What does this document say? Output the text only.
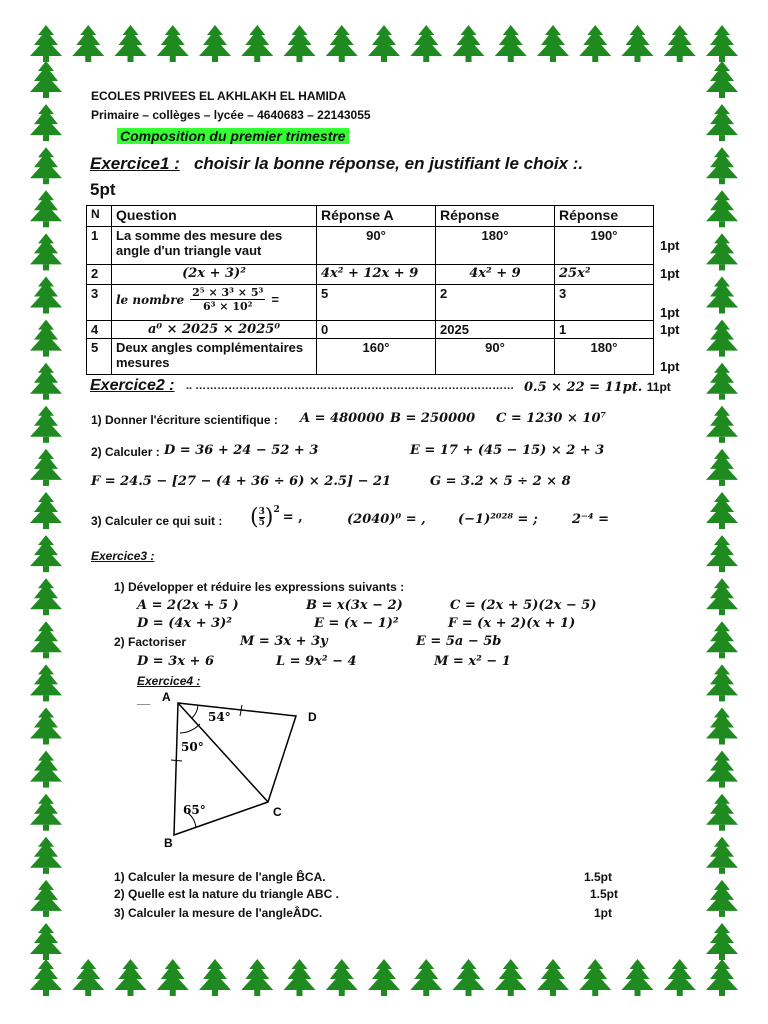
ECOLES PRIVEES EL AKHLAKH EL HAMIDA
Primaire – collèges – lycée – 4640683 – 22143055
Composition du premier trimestre
Exercice1 : choisir la bonne réponse, en justifiant le choix :.
5pt
N	Question	Réponse A	Réponse	Réponse	
1	La somme des mesure des angle d'un triangle vaut	90°	180°	190°	1pt
2	(2x + 3)²	4x² + 12x + 9	4x² + 9	25x²	1pt
3	le nombre $\frac{\text{2⁵ × 3³ × 5³}}{\text{6³ × 10²}}$ =	5	2	3	1pt
4	a⁰ × 2025 × 2025⁰	0	2025	1	1pt
5	Deux angles complémentaires mesures	160°	90°	180°	1pt
Exercice2 : .. …………………………………………………………………………… 0.5 × 22 = 11pt. 11pt
1) Donner l'écriture scientifique : A = 480000 B = 250000 C = 1230 × 10⁷
2) Calculer : D = 36 + 24 − 52 + 3	E = 17 + (45 − 15) × 2 + 3
F = 24.5 − [27 − (4 + 36 ÷ 6) × 2.5] − 21	G = 3.2 × 5 ÷ 2 × 8
3) Calculer ce qui suit : ( $\frac{3}{5} )^2$ = ,	(2040)⁰ = , (−1)²⁰²⁸ = ;	2⁻⁴ =
Exercice3 :
1) Développer et réduire les expressions suivants :
A = 2(2x + 5 )	B = x(3x − 2)	C = (2x + 5)(2x − 5)
D = (4x + 3)²	E = (x − 1)²	F = (x + 2)(x + 1)
2) Factoriser	M = 3x + 3y	E = 5a − 5b
D = 3x + 6	L = 9x² − 4	M = x² − 1
Exercice4 :
__ A
D
C
B
54°
50°
65°
1) Calculer la mesure de l'angle B̂CA.	1.5pt
2) Quelle est la nature du triangle ABC .	1.5pt
3) Calculer la mesure de l'angleÂDC.	1pt
